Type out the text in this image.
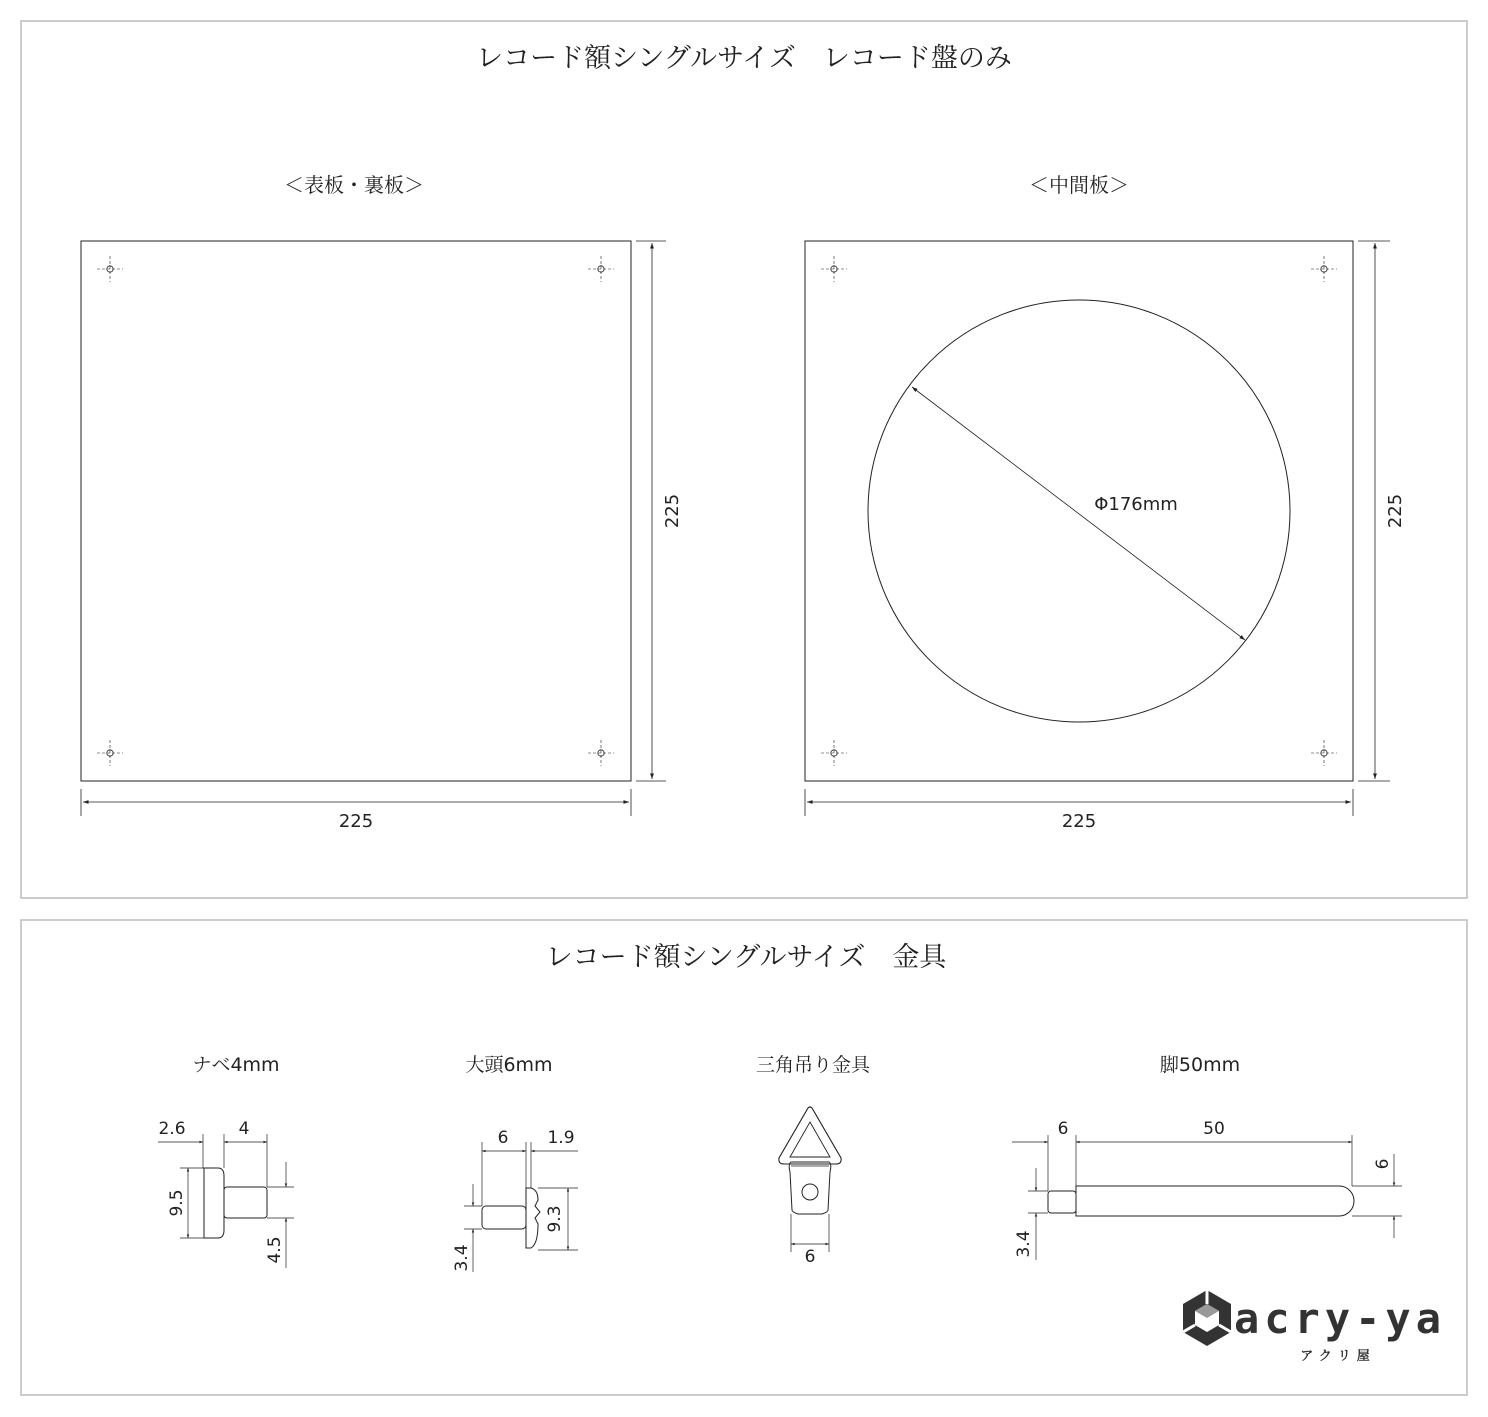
レコード額シングルサイズ　レコード盤のみ
＜表板・裏板＞	＜中間板＞
225
225
Φ176mm	225
225
レコード額シングルサイズ　金具
ナベ4mm
2.6	4
9.5
4.5
大頭6mm
6 1.9
9.3
3.4
三角吊り金具
6
脚50mm
6	50
6
3.4
acry-ya
アクリ屋
